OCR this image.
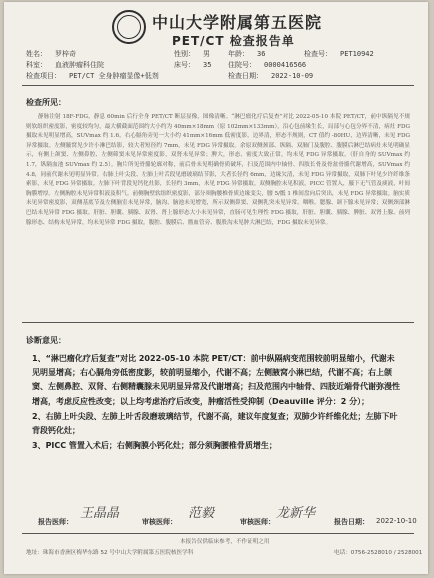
中山大学附属第五医院
PET/CT 检查报告单
姓名： 罗梓奇	性别： 男	年龄： 36	检查号： PET10942
科室： 血液肿瘤科住院	床号： 35 住院号： 0000416566
检查项目： PET/CT 全身肿瘤显像+低剂	检查日期： 2022-10-09
检查所见：
静脉注射 18F-FDG，静息 60min 后行全身 PET/CT 断层显像，图像清晰。“淋巴瘤化疗后复查”对比 2022-05-10 本院 PET/CT，前中纵隔见不规则软组织密度影，密度较均匀，最大横截面范围约大小约为 40mm×18mm（原 102mm×133mm），沿心包前缘生长，局部与心包分界不清，病灶 FDG 摄取未见明显增高，SUVmax 约 1.6，右心膈角旁见一大小约 41mm×16mm 低密度影，边界清，形态不规则，CT 值约 -80HU，边界清晰，未见 FDG 异常摄取。左侧腋窝见少许小淋巴结影，较大者短径约 7mm，未见 FDG 异常摄取。余原双侧颈部、纵隔、双肺门及腹腔、腹膜后淋巴结病灶未见明确显示，有侧上颌窦、左侧鼻腔、左侧筛窦未见异常密度影，双肾未见异常；脾大，形态、密度大致正常，均未见 FDG 异常摄取。（肝自身的 SUVmax 约 1.7，纵隔血池 SUVmax 约 2.5）。胸片所见骨骼轮廓对称，前后骨未见明确骨质破坏，扫及范围内中轴骨、四肢长骨及骨盆骨骼代谢增高，SUVmax 约 4.8，同前代谢未见明显异常。右肺上叶尖段、左肺上叶舌段见磨玻璃结节影，大者长径约 6mm，边缘欠清，未见 FDG 异常摄取，双肺下叶见少许纤维条索影，未见 FDG 异常摄取。左肺下叶背段见钙化灶影，长径约 3mm，未见 FDG 异常摄取。双侧胸腔未见积液。PICC 管置入，腋下无气管及痰液，叶间胸膜增厚。左侧胸腔未见异常积液及积气。前侧胸壁软组织密度影，部分须胸腰椎骨质边缘变尖，腰 5/骶 1 椎间盘向后突出，未见 FDG 异常摄取。脑实质未见异常密度影，双侧基底节及左侧脑室未见异常，脑沟、脑池未见增宽，所示双侧鼻窦、双侧乳突未见异常。咽喉、腮腺、颌下腺未见异常；双侧颈部淋巴结未见异常 FDG 摄取。肝脏、胆囊、胰腺、双肾、肾上腺形态大小未见异常，直肠可见生理性 FDG 摄取，肝脏、胆囊、胰腺、脾脏、双肾上腺、前列腺形态、结构未见异常，均未见异常 FDG 摄取。腹腔、腹膜后、髂血管旁、腹股沟未见肿大淋巴结，FDG 摄取未见异常。
诊断意见：

1、“淋巴瘤化疗后复查”对比 2022-05-10 本院 PET/CT：前中纵隔病变范围较前明显缩小，代谢未见明显增高；右心膈角旁低密度影，较前明显缩小，代谢不高；左侧腋窝小淋巴结，代谢不高；右上颌窦、左侧鼻腔、双肾、右侧精囊腺未见明显异常及代谢增高；扫及范围内中轴骨、四肢近端骨代谢弥漫性增高，考虑反应性改变；以上均考虑治疗后改变，肿瘤活性受抑制（Deauville 评分：2 分）；

2、右肺上叶尖段、左肺上叶舌段磨玻璃结节，代谢不高，建议年度复查；双肺少许纤维化灶；左肺下叶背段钙化灶；

3、PICC 管置入术后；右侧胸膜小钙化灶；部分须胸腰椎骨质增生；

报告医师：
王晶晶
审核医师：
范毅
审核医师：
龙新华
报告日期： 2022-10-10
本报告仅供临床参考，不作证明之用
地址：珠海市香洲区梅华东路 52 号中山大学附属第五医院核医学科	电话：0756-2528010 / 2528001
